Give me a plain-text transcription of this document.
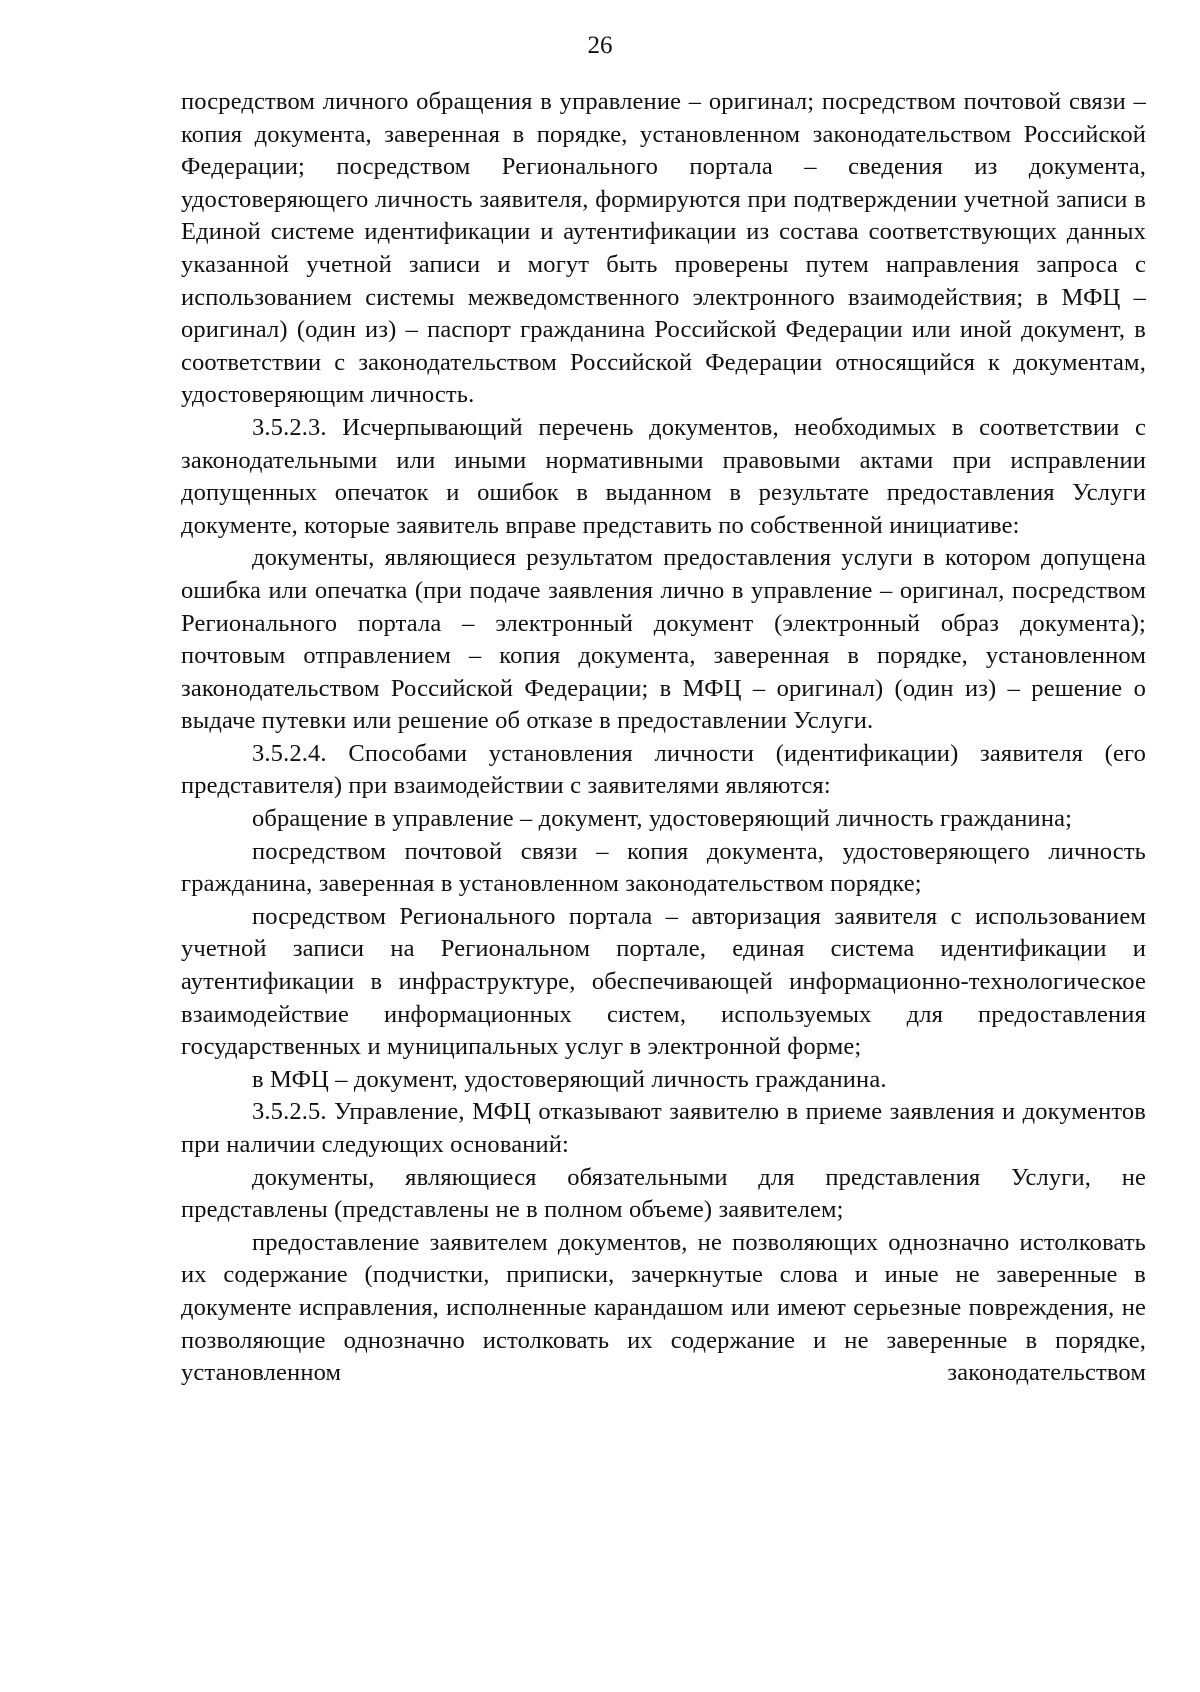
26

посредством личного обращения в управление – оригинал; посредством почтовой связи – копия документа, заверенная в порядке, установленном законодательством Российской Федерации; посредством Регионального портала – сведения из документа, удостоверяющего личность заявителя, формируются при подтверждении учетной записи в Единой системе идентификации и аутентификации из состава соответствующих данных указанной учетной записи и могут быть проверены путем направления запроса с использованием системы межведомственного электронного взаимодействия; в МФЦ – оригинал) (один из) – паспорт гражданина Российской Федерации или иной документ, в соответствии с законодательством Российской Федерации относящийся к документам, удостоверяющим личность.

3.5.2.3. Исчерпывающий перечень документов, необходимых в соответствии с законодательными или иными нормативными правовыми актами при исправлении допущенных опечаток и ошибок в выданном в результате предоставления Услуги документе, которые заявитель вправе представить по собственной инициативе:

документы, являющиеся результатом предоставления услуги в котором допущена ошибка или опечатка (при подаче заявления лично в управление – оригинал, посредством Регионального портала – электронный документ (электронный образ документа); почтовым отправлением – копия документа, заверенная в порядке, установленном законодательством Российской Федерации; в МФЦ – оригинал) (один из) – решение о выдаче путевки или решение об отказе в предоставлении Услуги.

3.5.2.4. Способами установления личности (идентификации) заявителя (его представителя) при взаимодействии с заявителями являются:

обращение в управление – документ, удостоверяющий личность гражданина;

посредством почтовой связи – копия документа, удостоверяющего личность гражданина, заверенная в установленном законодательством порядке;

посредством Регионального портала – авторизация заявителя с использованием учетной записи на Региональном портале, единая система идентификации и аутентификации в инфраструктуре, обеспечивающей информационно-технологическое взаимодействие информационных систем, используемых для предоставления государственных и муниципальных услуг в электронной форме;

в МФЦ – документ, удостоверяющий личность гражданина.

3.5.2.5. Управление, МФЦ отказывают заявителю в приеме заявления и документов при наличии следующих оснований:

документы, являющиеся обязательными для представления Услуги, не представлены (представлены не в полном объеме) заявителем;

предоставление заявителем документов, не позволяющих однозначно истолковать их содержание (подчистки, приписки, зачеркнутые слова и иные не заверенные в документе исправления, исполненные карандашом или имеют серьезные повреждения, не позволяющие однозначно истолковать их содержание и не заверенные в порядке, установленном законодательством
